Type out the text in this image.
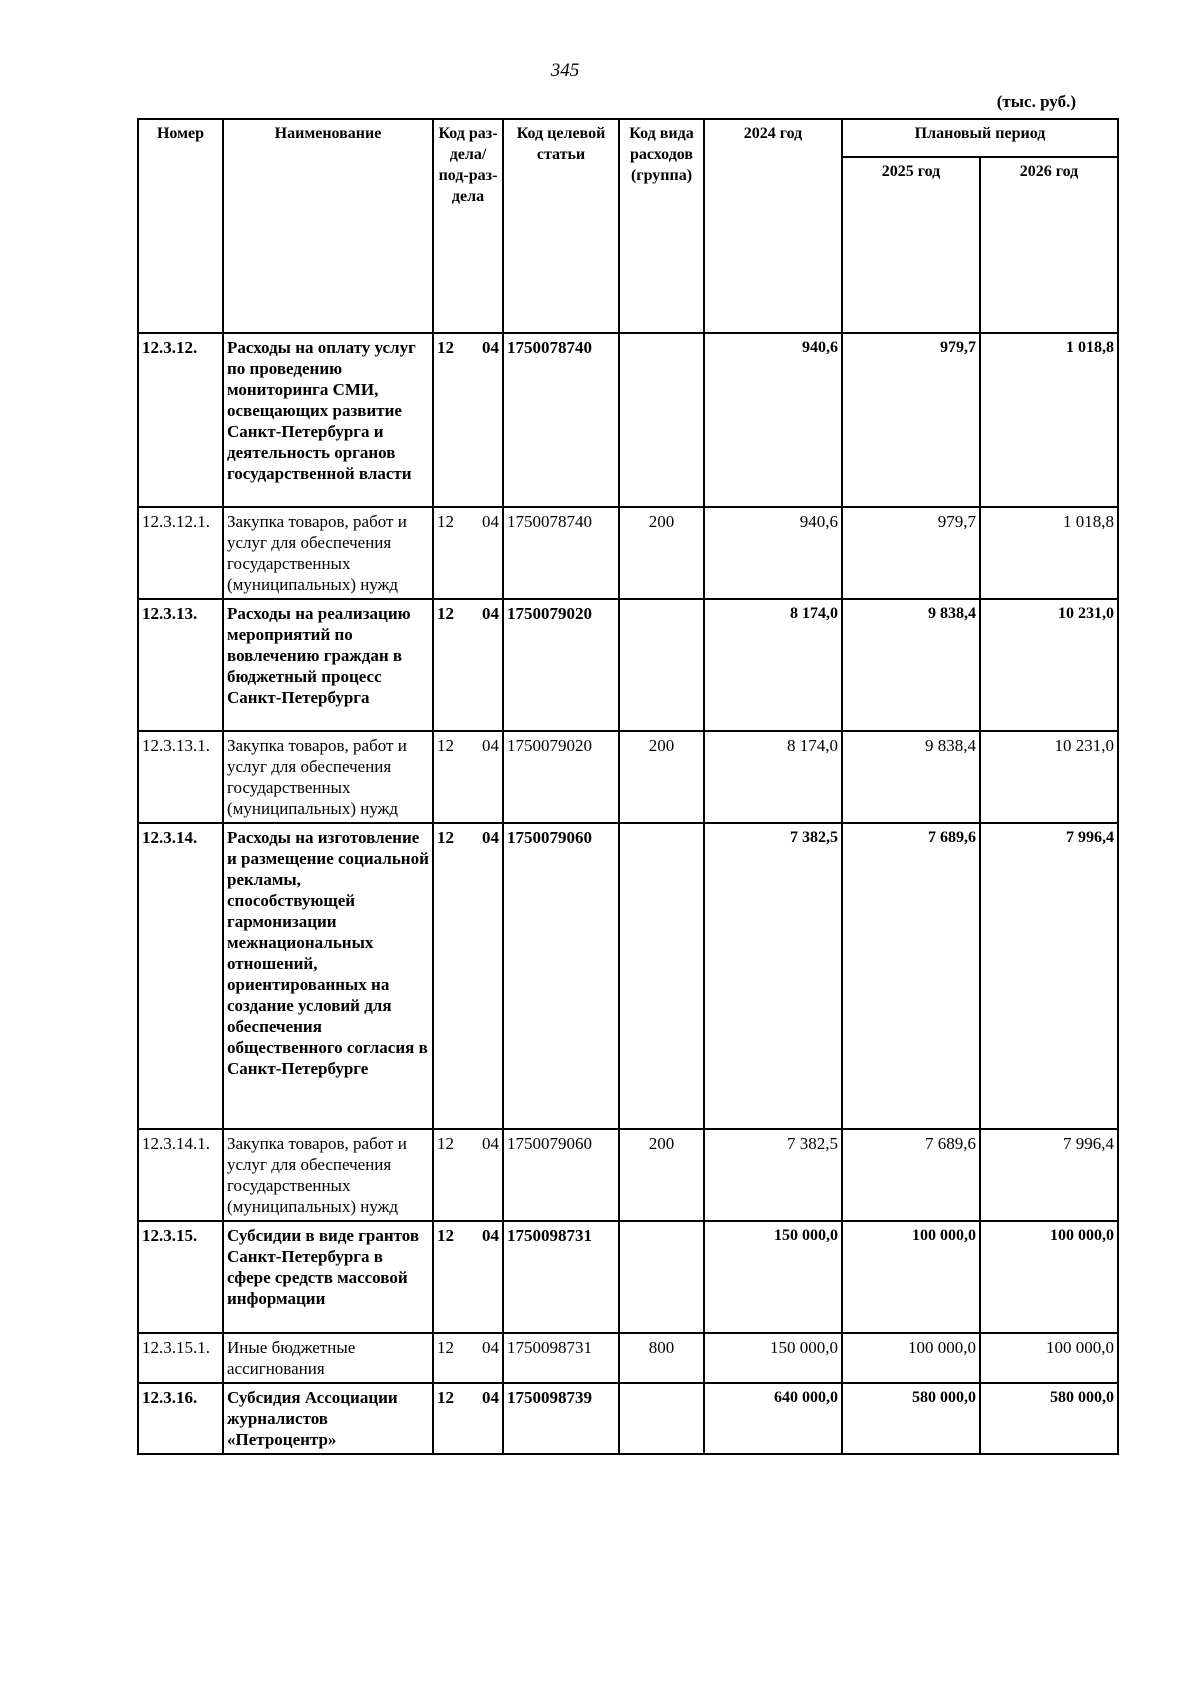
345
(тыс. руб.)
Номер	Наименование	Код раз-дела/ под-раз-дела	Код целевой статьи	Код вида расходов (группа)	2024 год	Плановый период	
						2025 год	2026 год
12.3.12.	Расходы на оплату услуг по проведению мониторинга СМИ, освещающих развитие Санкт-Петербурга и деятельность органов государственной власти	12 04	1750078740		940,6	979,7	1 018,8
12.3.12.1.	Закупка товаров, работ и услуг для обеспечения государственных (муниципальных) нужд	12 04	1750078740	200	940,6	979,7	1 018,8
12.3.13.	Расходы на реализацию мероприятий по вовлечению граждан в бюджетный процесс Санкт-Петербурга	12 04	1750079020		8 174,0	9 838,4	10 231,0
12.3.13.1.	Закупка товаров, работ и услуг для обеспечения государственных (муниципальных) нужд	12 04	1750079020	200	8 174,0	9 838,4	10 231,0
12.3.14.	Расходы на изготовление и размещение социальной рекламы, способствующей гармонизации межнациональных отношений, ориентированных на создание условий для обеспечения общественного согласия в Санкт-Петербурге	12 04	1750079060		7 382,5	7 689,6	7 996,4
12.3.14.1.	Закупка товаров, работ и услуг для обеспечения государственных (муниципальных) нужд	12 04	1750079060	200	7 382,5	7 689,6	7 996,4
12.3.15.	Субсидии в виде грантов Санкт-Петербурга в сфере средств массовой информации	12 04	1750098731		150 000,0	100 000,0	100 000,0
12.3.15.1.	Иные бюджетные ассигнования	12 04	1750098731	800	150 000,0	100 000,0	100 000,0
12.3.16.	Субсидия Ассоциации журналистов «Петроцентр»	12 04	1750098739		640 000,0	580 000,0	580 000,0
